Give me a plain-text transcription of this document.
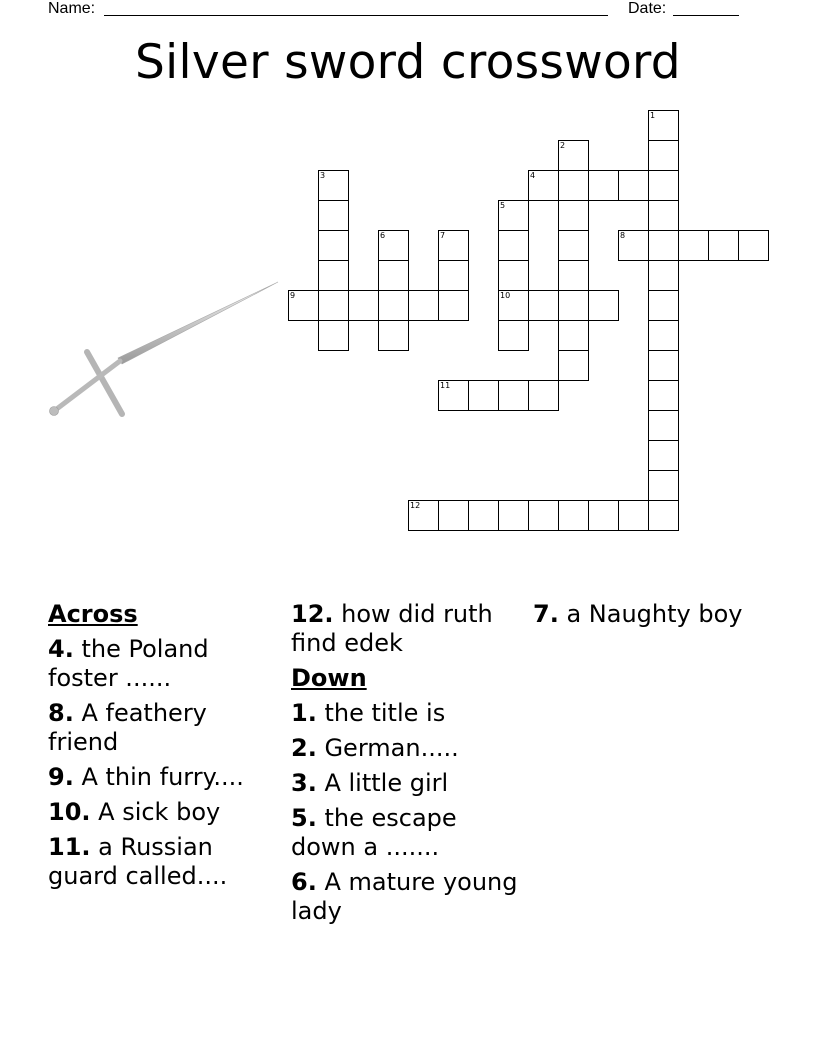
Name:	Date:
Silver sword crossword
4
8
9	10
11
12
1
2
3
5
6	7
Across
4. the Poland foster ......
8. A feathery friend
9. A thin furry....
10. A sick boy
11. a Russian guard called....
12. how did ruth find edek
Down
1. the title is
2. German.....
3. A little girl
5. the escape down a .......
6. A mature young lady
7. a Naughty boy
